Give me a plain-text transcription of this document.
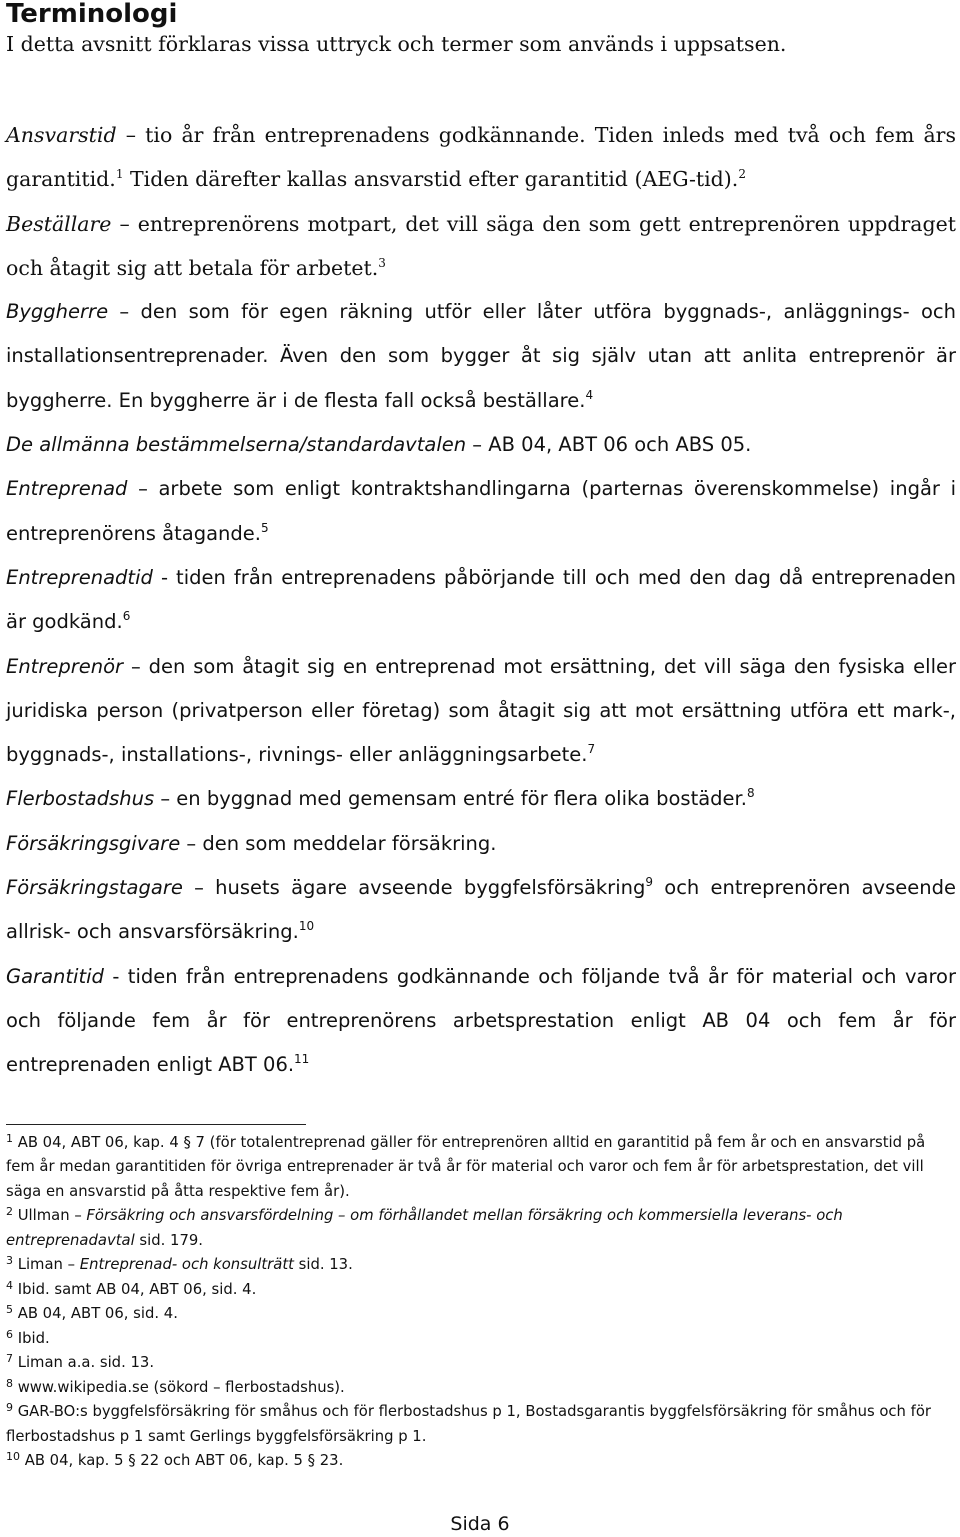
Terminologi

I detta avsnitt förklaras vissa uttryck och termer som används i uppsatsen.

Ansvarstid – tio år från entreprenadens godkännande. Tiden inleds med två och fem års garantitid.$^1$ Tiden därefter kallas ansvarstid efter garantitid (AEG-tid).$^2$

Beställare – entreprenörens motpart, det vill säga den som gett entreprenören uppdraget och åtagit sig att betala för arbetet.$^3$

Byggherre – den som för egen räkning utför eller låter utföra byggnads-, anläggnings- och installationsentreprenader. Även den som bygger åt sig själv utan att anlita entreprenör är byggherre. En byggherre är i de flesta fall också beställare.$^4$

De allmänna bestämmelserna/standardavtalen – AB 04, ABT 06 och ABS 05.

Entreprenad – arbete som enligt kontraktshandlingarna (parternas överenskommelse) ingår i entreprenörens åtagande.$^5$

Entreprenadtid - tiden från entreprenadens påbörjande till och med den dag då entreprenaden är godkänd.$^6$

Entreprenör – den som åtagit sig en entreprenad mot ersättning, det vill säga den fysiska eller juridiska person (privatperson eller företag) som åtagit sig att mot ersättning utföra ett mark-, byggnads-, installations-, rivnings- eller anläggningsarbete.$^7$

Flerbostadshus – en byggnad med gemensam entré för flera olika bostäder.$^8$

Försäkringsgivare – den som meddelar försäkring.

Försäkringstagare – husets ägare avseende byggfelsförsäkring$^9$ och entreprenören avseende allrisk- och ansvarsförsäkring.$^{10}$

Garantitid - tiden från entreprenadens godkännande och följande två år för material och varor och följande fem år för entreprenörens arbetsprestation enligt AB 04 och fem år för entreprenaden enligt ABT 06.11

$^1$ AB 04, ABT 06, kap. 4 § 7 (för totalentreprenad gäller för entreprenören alltid en garantitid på fem år och en ansvarstid på fem år medan garantitiden för övriga entreprenader är två år för material och varor och fem år för arbetsprestation, det vill säga en ansvarstid på åtta respektive fem år).

$^2$ Ullman – Försäkring och ansvarsfördelning – om förhållandet mellan försäkring och kommersiella leverans- och entreprenadavtal sid. 179.

$^3$ Liman – Entreprenad- och konsulträtt sid. 13.

$^4$ Ibid. samt AB 04, ABT 06, sid. 4.

$^5$ AB 04, ABT 06, sid. 4.

$^6$ Ibid.

$^7$ Liman a.a. sid. 13.

$^8$ www.wikipedia.se (sökord – flerbostadshus).

$^9$ GAR-BO:s byggfelsförsäkring för småhus och för flerbostadshus p 1, Bostadsgarantis byggfelsförsäkring för småhus och för flerbostadshus p 1 samt Gerlings byggfelsförsäkring p 1.

$^{10}$ AB 04, kap. 5 § 22 och ABT 06, kap. 5 § 23.

Sida 6
